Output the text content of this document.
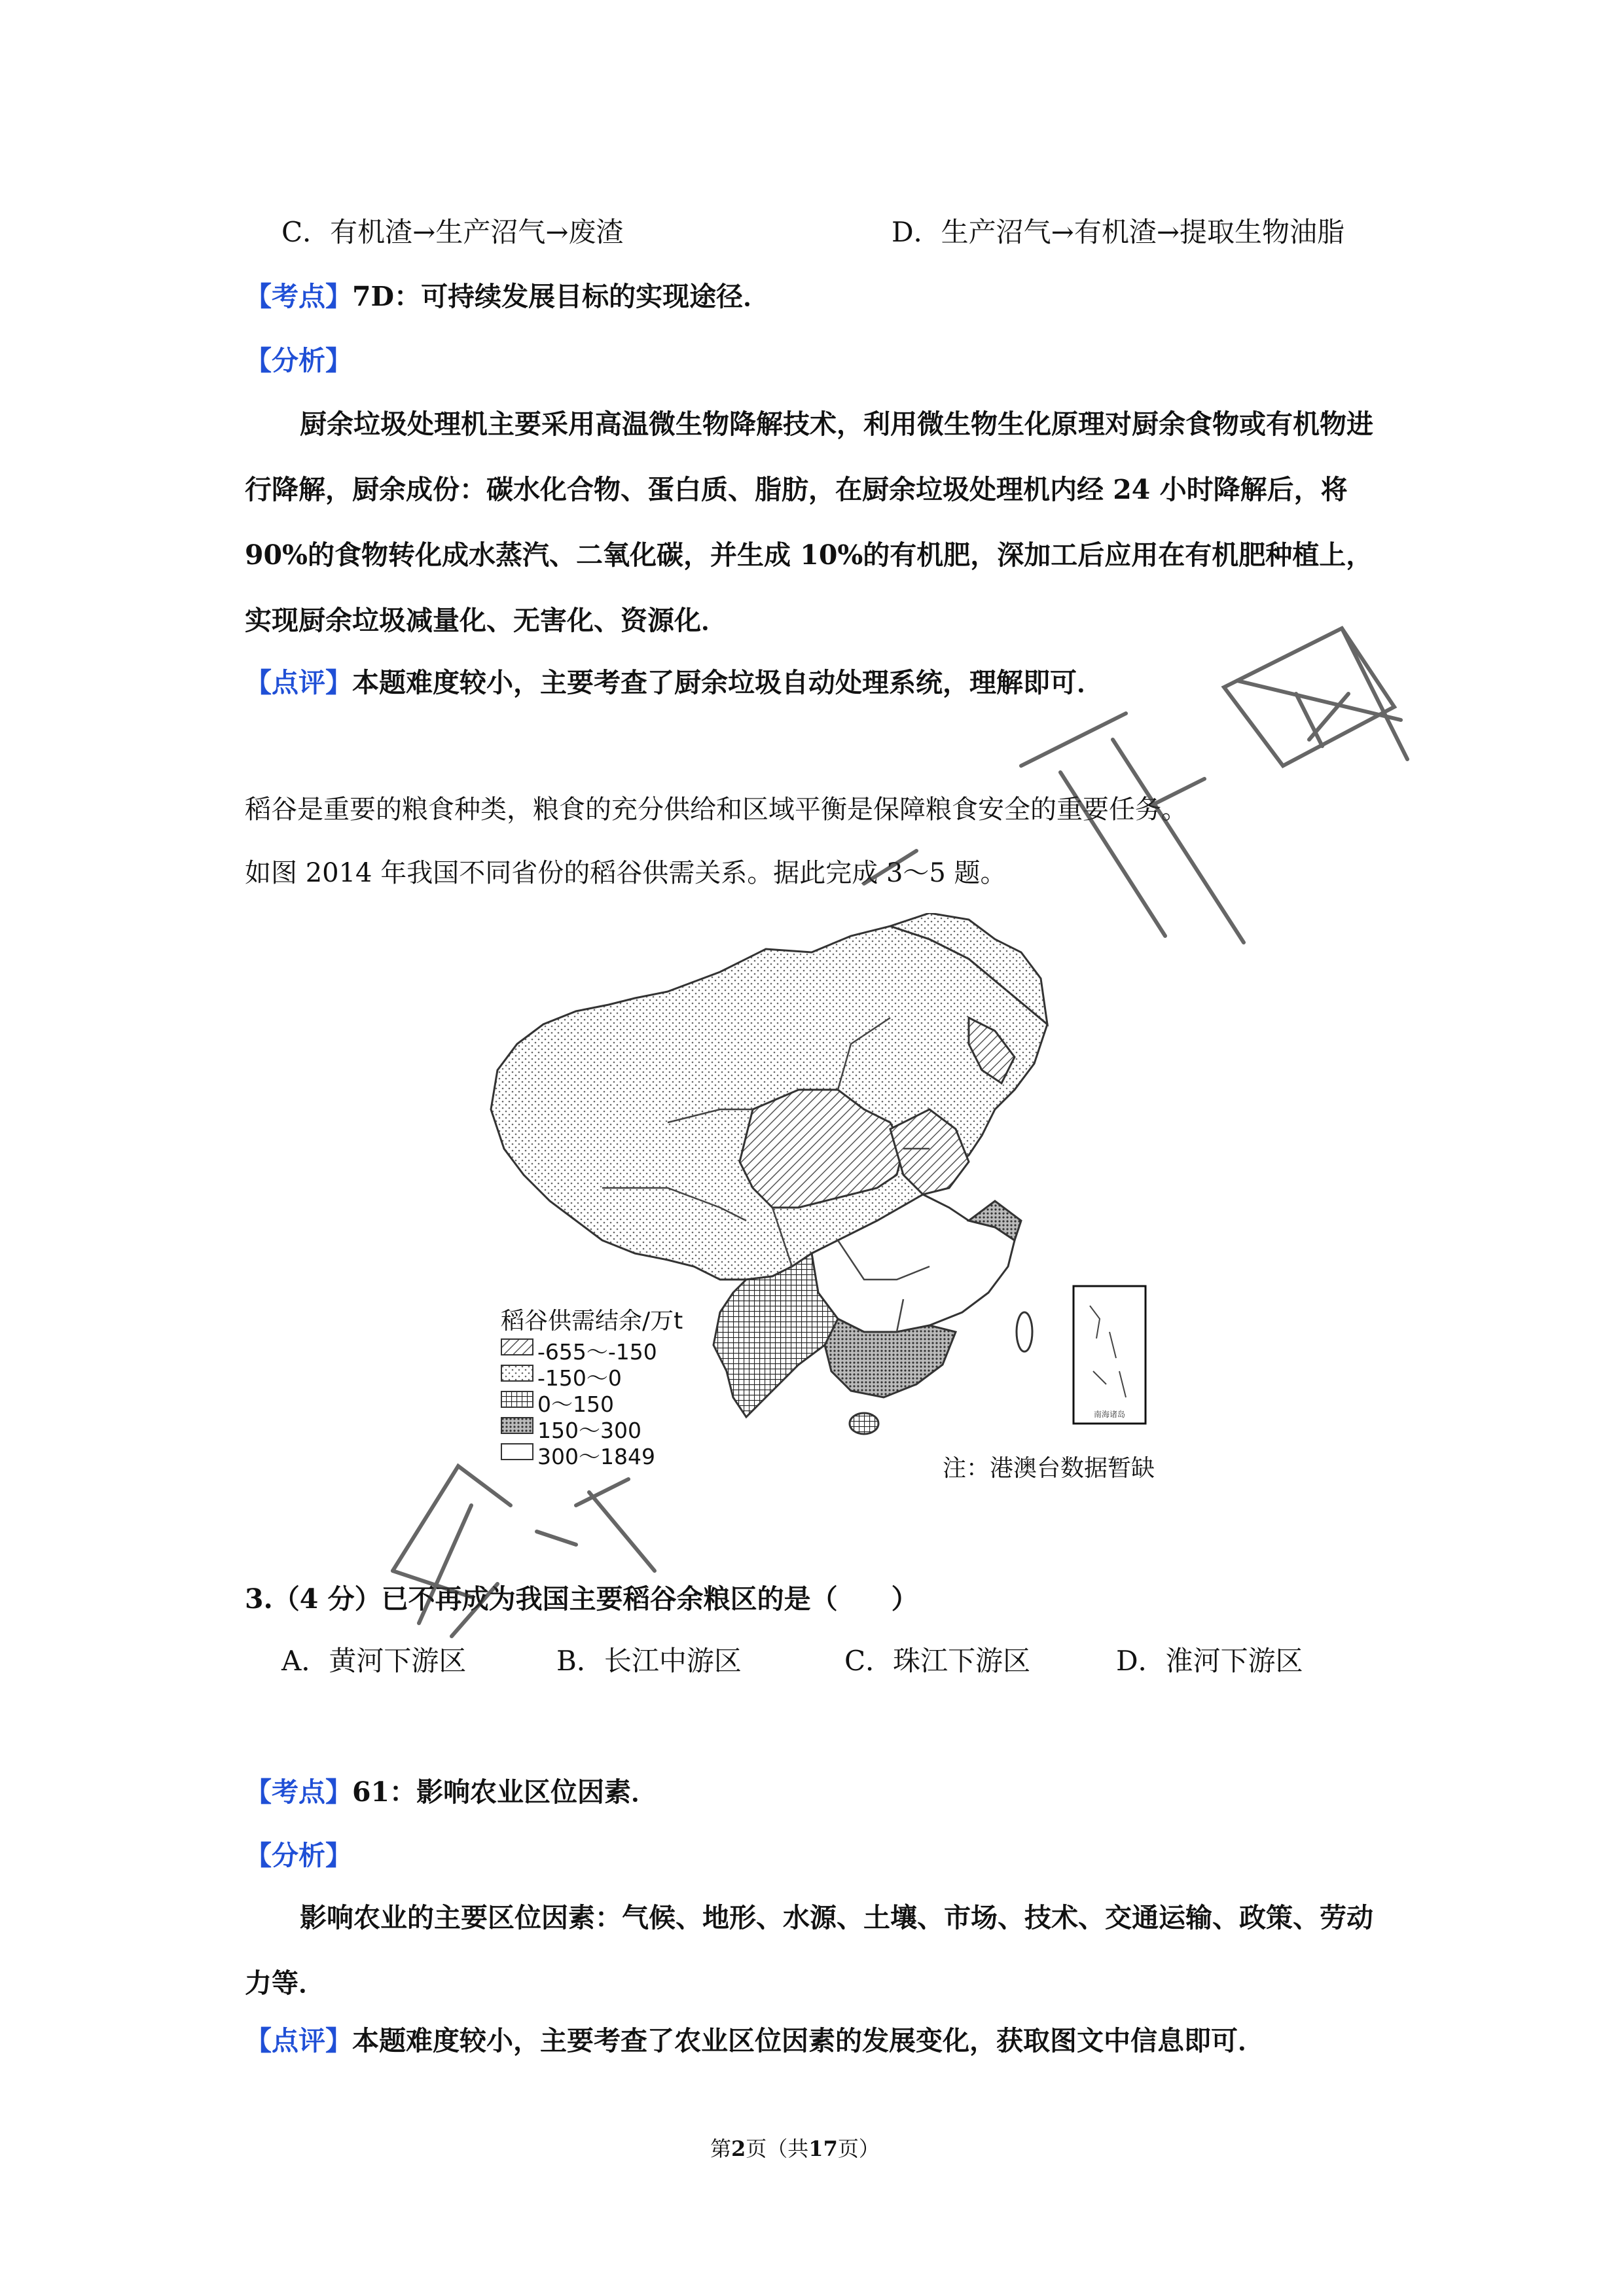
C．有机渣→生产沼气→废渣	D．生产沼气→有机渣→提取生物油脂
【考点】7D：可持续发展目标的实现途径．
【分析】
厨余垃圾处理机主要采用高温微生物降解技术，利用微生物生化原理对厨余食物或有机物进行降解，厨余成份：碳水化合物、蛋白质、脂肪，在厨余垃圾处理机内经 24 小时降解后，将 90%的食物转化成水蒸汽、二氧化碳，并生成 10%的有机肥，深加工后应用在有机肥种植上，实现厨余垃圾减量化、无害化、资源化．
【点评】本题难度较小，主要考查了厨余垃圾自动处理系统，理解即可．
稻谷是重要的粮食种类，粮食的充分供给和区域平衡是保障粮食安全的重要任务。
如图 2014 年我国不同省份的稻谷供需关系。据此完成 3～5 题。
南海诸岛
稻谷供需结余/万t
-655～-150
-150～0
0～150
150～300
300～1849	注：港澳台数据暂缺
3.（4 分）已不再成为我国主要稻谷余粮区的是（　　）
A．黄河下游区	B．长江中游区	C．珠江下游区	D．淮河下游区
【考点】61：影响农业区位因素．
【分析】
影响农业的主要区位因素：气候、地形、水源、土壤、市场、技术、交通运输、政策、劳动力等．
【点评】本题难度较小，主要考查了农业区位因素的发展变化，获取图文中信息即可．
第2页（共17页）
